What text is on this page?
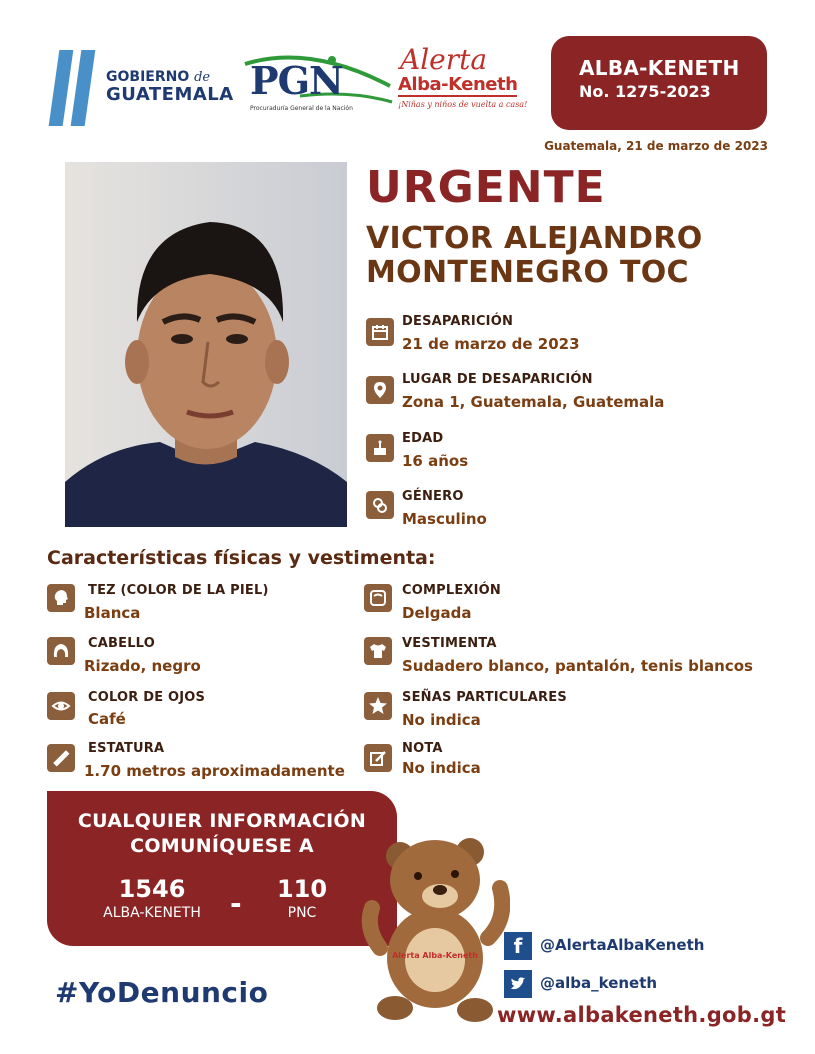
GOBIERNO de
GUATEMALA PGN
Procuraduría General de la Nación
Alerta
Alba-Keneth
¡Niñas y niños de vuelta a casa!
ALBA-KENETH
No. 1275-2023
Guatemala, 21 de marzo de 2023
URGENTE
VICTOR ALEJANDRO
MONTENEGRO TOC
DESAPARICIÓN
21 de marzo de 2023
LUGAR DE DESAPARICIÓN
Zona 1, Guatemala, Guatemala
EDAD
16 años
GÉNERO
Masculino
Características físicas y vestimenta:
TEZ (COLOR DE LA PIEL)
Blanca
CABELLO
Rizado, negro
COLOR DE OJOS
Café
ESTATURA
1.70 metros aproximadamente
COMPLEXIÓN
Delgada
VESTIMENTA
Sudadero blanco, pantalón, tenis blancos
SEÑAS PARTICULARES
No indica
NOTA
No indica
CUALQUIER INFORMACIÓN
COMUNÍQUESE A
1546
ALBA-KENETH	-	110
PNC
Alerta Alba-Keneth
#YoDenuncio
f	@AlertaAlbaKeneth
@alba_keneth
www.albakeneth.gob.gt
